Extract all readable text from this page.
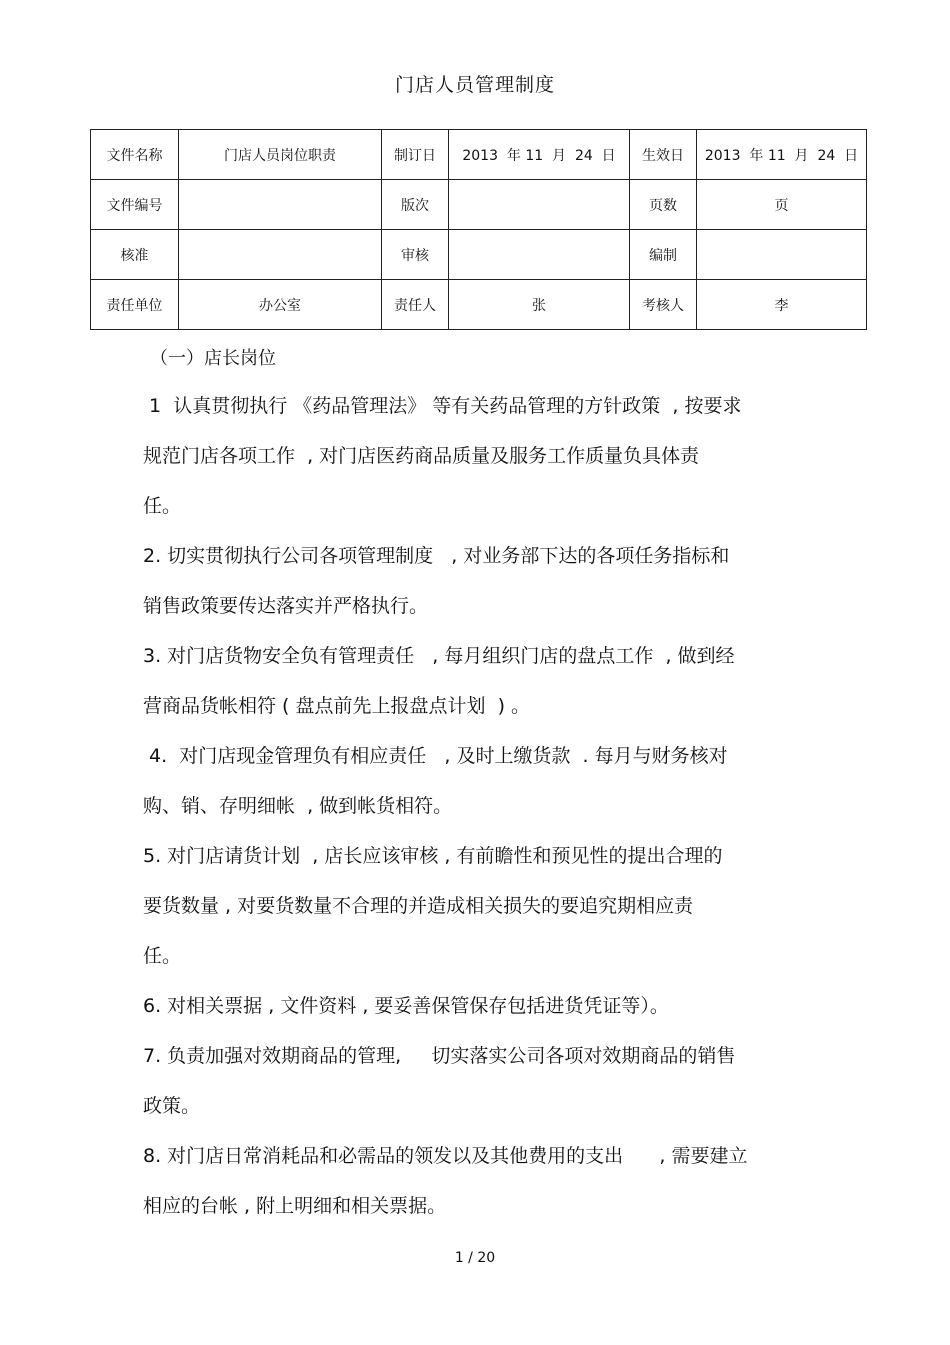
门店人员管理制度
文件名称	门店人员岗位职责	制订日	2013  年 11  月  24  日	生效日	2013  年 11  月  24  日
文件编号		版次		页数	页
核准		审核		编制	
责任单位	办公室	责任人	张	考核人	李
（一）店长岗位
1  认真贯彻执行 《药品管理法》 等有关药品管理的方针政策  , 按要求
规范门店各项工作  , 对门店医药商品质量及服务工作质量负具体责
任。
2. 切实贯彻执行公司各项管理制度   , 对业务部下达的各项任务指标和
销售政策要传达落实并严格执行。
3. 对门店货物安全负有管理责任   , 每月组织门店的盘点工作  , 做到经
营商品货帐相符 ( 盘点前先上报盘点计划  ) 。
4.  对门店现金管理负有相应责任   , 及时上缴货款  . 每月与财务核对
购、销、存明细帐  , 做到帐货相符。
5. 对门店请货计划  , 店长应该审核 , 有前瞻性和预见性的提出合理的
要货数量 , 对要货数量不合理的并造成相关损失的要追究期相应责
任。
6. 对相关票据 , 文件资料 , 要妥善保管保存包括进货凭证等）。
7. 负责加强对效期商品的管理,     切实落实公司各项对效期商品的销售
政策。
8. 对门店日常消耗品和必需品的领发以及其他费用的支出      , 需要建立
相应的台帐 , 附上明细和相关票据。
1 / 20
